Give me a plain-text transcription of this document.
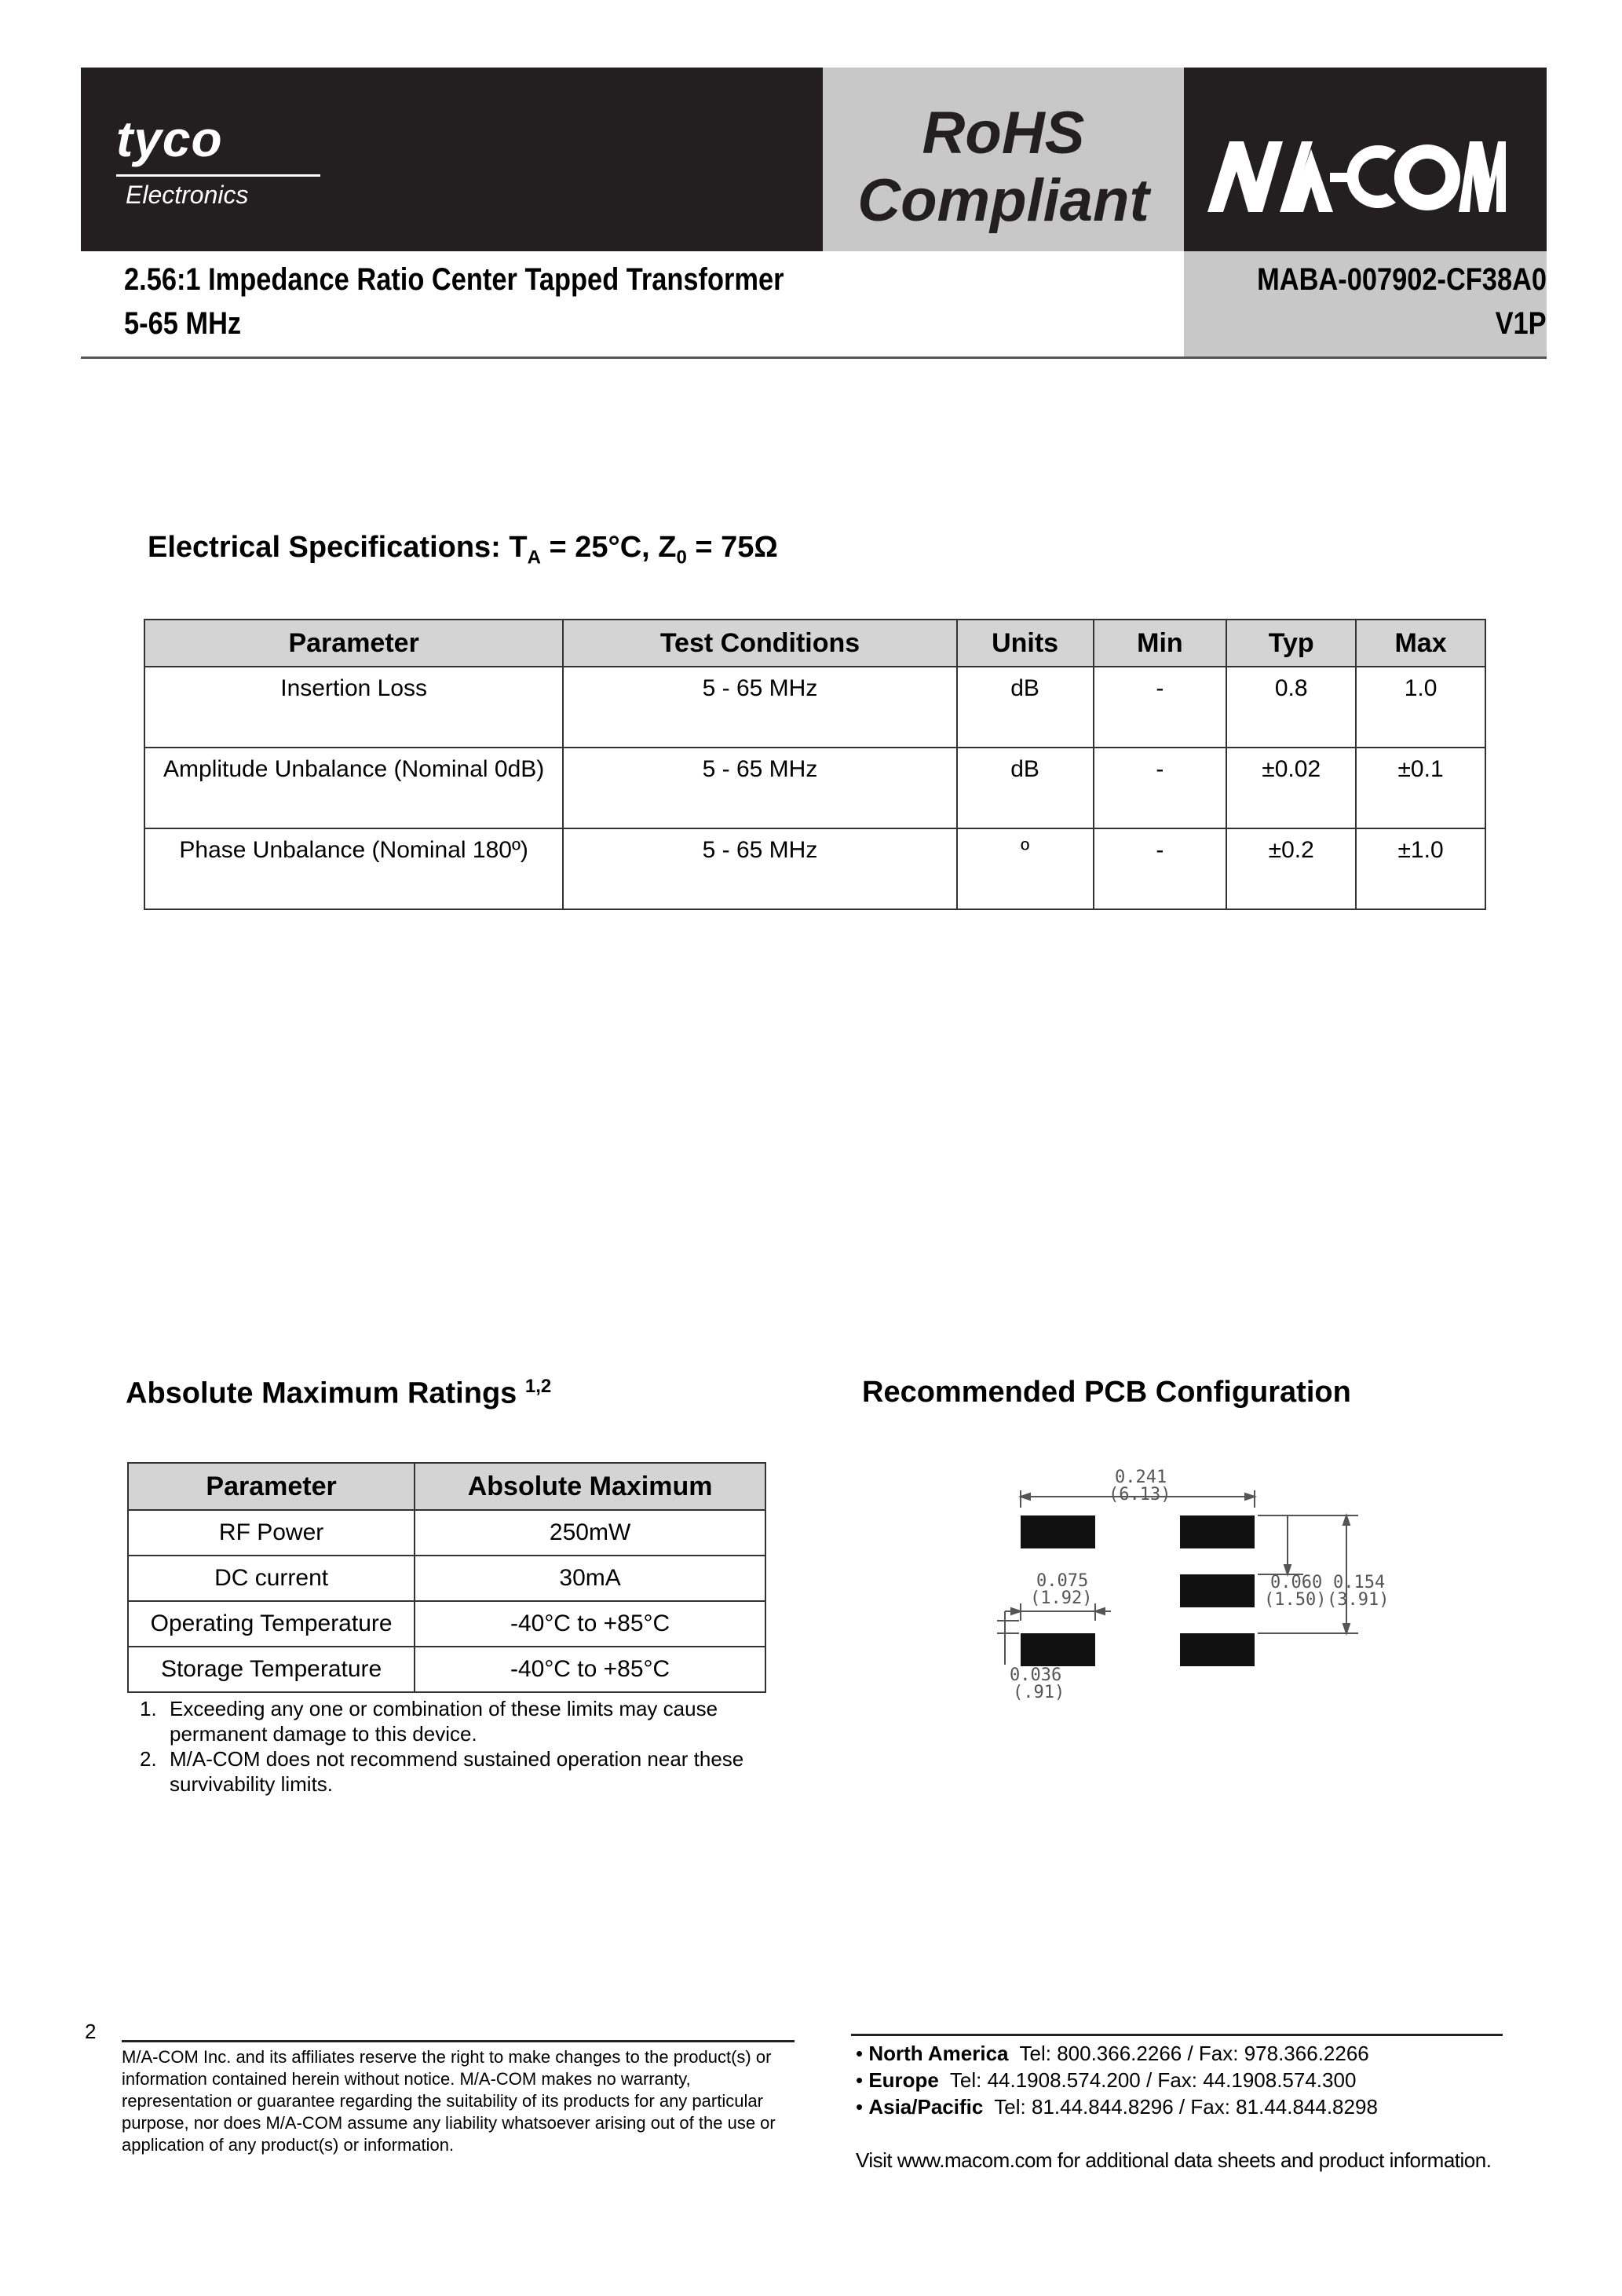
tyco
Electronics
RoHS
Compliant
2.56:1 Impedance Ratio Center Tapped Transformer
5-65 MHz
MABA-007902-CF38A0
V1P
Electrical Specifications: $T_A = 25^\circ C$, $Z_0 = 75\Omega$
Parameter	Test Conditions	Units	Min	Typ	Max
Insertion Loss	5 - 65 MHz	dB	-	0.8	1.0
Amplitude Unbalance (Nominal 0dB)	5 - 65 MHz	dB	-	±0.02	±0.1
Phase Unbalance (Nominal 180º)	5 - 65 MHz	º	-	±0.2	±1.0
Absolute Maximum Ratings $^{1,2}$
Parameter	Absolute Maximum
RF Power	250mW
DC current	30mA
Operating Temperature	-40°C to +85°C
Storage Temperature	-40°C to +85°C
1. Exceeding any one or combination of these limits may cause permanent damage to this device.
2. M/A-COM does not recommend sustained operation near these survivability limits.
Recommended PCB Configuration
0.241
(6.13)
0.075
(1.92)
0.060
(1.50)
0.154
(3.91)
0.036
(.91)
2
M/A-COM Inc. and its affiliates reserve the right to make changes to the product(s) or information contained herein without notice. M/A-COM makes no warranty, representation or guarantee regarding the suitability of its products for any particular purpose, nor does M/A-COM assume any liability whatsoever arising out of the use or application of any product(s) or information.
• North America Tel: 800.366.2266 / Fax: 978.366.2266
• Europe Tel: 44.1908.574.200 / Fax: 44.1908.574.300
• Asia/Pacific Tel: 81.44.844.8296 / Fax: 81.44.844.8298
Visit www.macom.com for additional data sheets and product information.
